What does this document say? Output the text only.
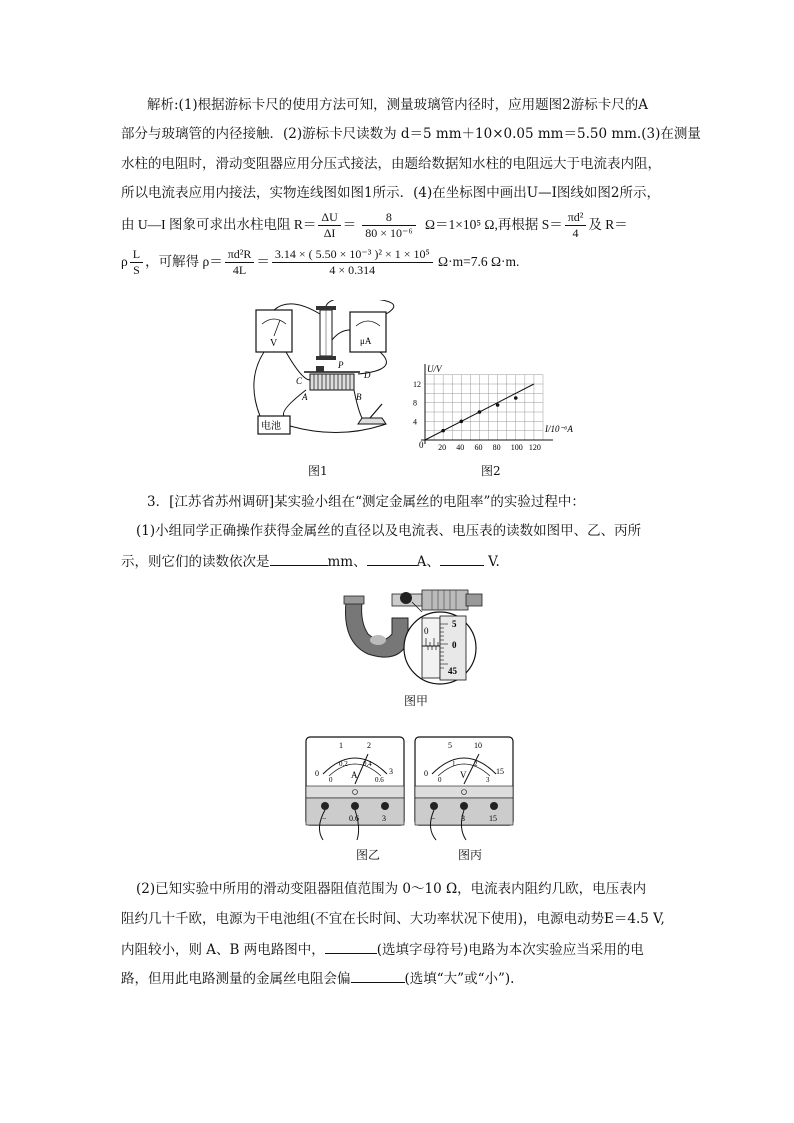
解析:(1)根据游标卡尺的使用方法可知，测量玻璃管内径时，应用题图2游标卡尺的A
部分与玻璃管的内径接触．(2)游标卡尺读数为 d＝5 mm＋10×0.05 mm＝5.50 mm.(3)在测量
水柱的电阻时，滑动变阻器应用分压式接法，由题给数据知水柱的电阻远大于电流表内阻，
所以电流表应用内接法，实物连线图如图1所示．(4)在坐标图中画出U—I图线如图2所示，
由 U—I 图象可求出水柱电阻 $R= \frac{\Delta U}{\Delta I} = \frac{8}{\text{80 × 10⁻⁶}} \Omega=1\times 10^5$ Ω,再根据 $S= \frac{\text{πd²}}{4}$ 及 R＝
ρ $\frac{L}{S}$ ，可解得 $\rho= \frac{\text{πd²R}}{4L} = \frac{\text{3.14 × ( 5.50 × 10⁻³ )² × 1 × 10⁵}}{4 \times 0.314} \Omega\cdot m=7.6$ Ω·m.
V	μA
P
C
D
A	B
电池
图1
U/V
I/10⁻⁶A
0 20 40 60 80 100 120
4
8
12
图2
3．[江苏省苏州调研]某实验小组在“测定金属丝的电阻率”的实验过程中：
(1)小组同学正确操作获得金属丝的直径以及电流表、电压表的读数如图甲、乙、丙所
示，则它们的读数依次是	mm、	A、	V.
0
5
0
45
图甲
0
1	2
3
0
0.2 0.4
0.6
A
−	0.6	3
图乙
0
5	10
15
0
1	2
3
V
−	3	15
图丙
(2)已知实验中所用的滑动变阻器阻值范围为 0～10 Ω，电流表内阻约几欧，电压表内
阻约几十千欧，电源为干电池组(不宜在长时间、大功率状况下使用)，电源电动势E＝4.5 V,
内阻较小，则 A、B 两电路图中，	(选填字母符号)电路为本次实验应当采用的电
路，但用此电路测量的金属丝电阻会偏	(选填“大”或“小”).
